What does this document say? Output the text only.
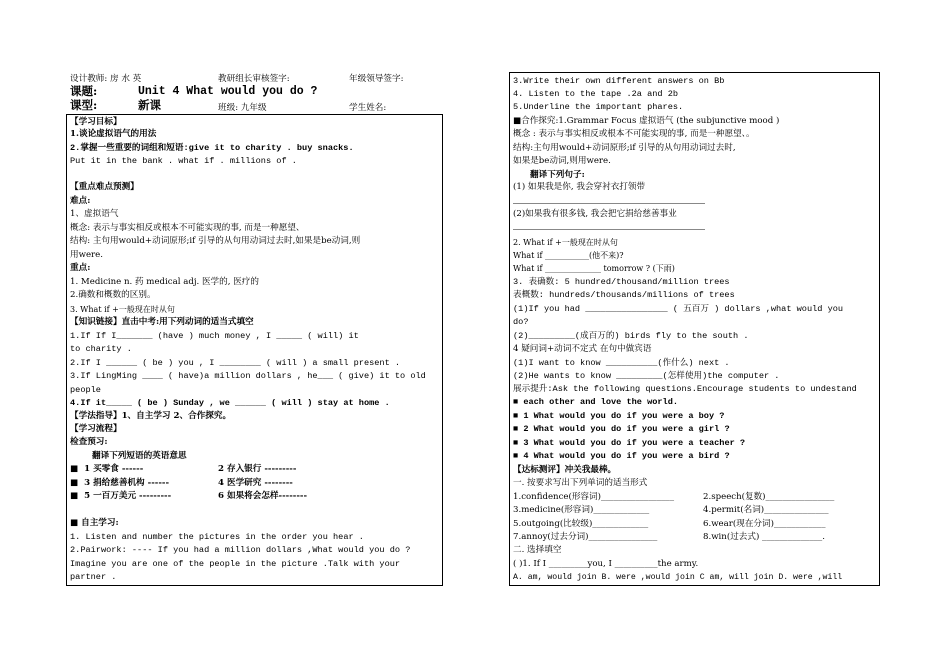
设计教师: 房 水 英	教研组长审核签字:	年级领导签字:
课题:	Unit 4 What would you do ?
课型:	新课	班级: 九年级	学生姓名:
【学习目标】
1.谈论虚拟语气的用法
2.掌握一些重要的词组和短语:give it to charity . buy snacks.
Put it in the bank . what if . millions of .
【重点难点预测】
难点:
1、虚拟语气
概念: 表示与事实相反或根本不可能实现的事, 而是一种愿望、
结构: 主句用would+动词原形;if 引导的从句用动词过去时,如果是be动词,则
用were.
重点:
1. Medicine n. 药 medical adj. 医学的, 医疗的
2.确数和概数的区别。
3. What if +一般现在时从句
【知识链接】直击中考:用下列动词的适当式填空
1.If If I_______ (have ) much money , I _____ ( will) it
to charity .
2.If I ______ ( be ) you , I ________ ( will ) a small present .
3.If LingMing ____ ( have)a million dollars , he___ ( give) it to old
people
4.If it_____ ( be ) Sunday , we ______ ( will ) stay at home .
【学法指导】1、自主学习 2、合作探究。
【学习流程】
检查预习:
翻译下列短语的英语意思
■  1 买零食 ------	2 存入银行 ---------
■  3 捐给慈善机构 ------	4 医学研究 --------
■  5 一百万美元 ---------	6 如果将会怎样--------
■ 自主学习:
1. Listen and number the pictures in the order you hear .
2.Pairwork: ---- If you had a million dollars ,What would you do ?
Imagine you are one of the people in the picture .Talk with your
partner .
3.Write their own different answers on Bb
4. Listen to the tape .2a and 2b
5.Underline the important phares.
■合作探究:1.Grammar Focus 虚拟语气 (the subjunctive mood )
概念 : 表示与事实相反或根本不可能实现的事, 而是一种愿望、。
结构:主句用would+动词原形;if 引导的从句用动词过去时,
如果是be动词,则用were.
翻译下列句子:
(1) 如果我是你, 我会穿衬衣打领带
(2)如果我有很多钱, 我会把它捐给慈善事业
2. What if +一般现在时从句
What if ___________(他不来)?
What if ______________ tomorrow ? (下雨)
3. 表确数: 5 hundred/thousand/million trees
表概数: hundreds/thousands/millions of trees
(1)If you had ________________ ( 五百万 ) dollars ,what would you
do?
(2)_________(成百万的) birds fly to the south .
4 疑问词+动词不定式 在句中做宾语
(1)I want to know __________(作什么) next .
(2)He wants to know _________(怎样使用)the computer .
展示提升:Ask the following questions.Encourage students to undestand
■ each other and love the world.
■ 1 What would you do if you were a boy ?
■ 2 What would you do if you were a girl ?
■ 3 What would you do if you were a teacher ?
■ 4 What would you do if you were a bird ?
【达标测评】冲关我最棒。
一. 按要求写出下列单词的适当形式
1.confidence(形容词)_________________	2.speech(复数)________________
3.medicine(形容词)_____________	4.permit(名词)_______________
5.outgoing(比较级)_____________	6.wear(现在分词)____________
7.annoy(过去分词)________________	8.win(过去式) ______________.
二. 选择填空
( )1. If I _________you, I __________the army.
A. am, would join B. were ,would join C am, will join D. were ,will
